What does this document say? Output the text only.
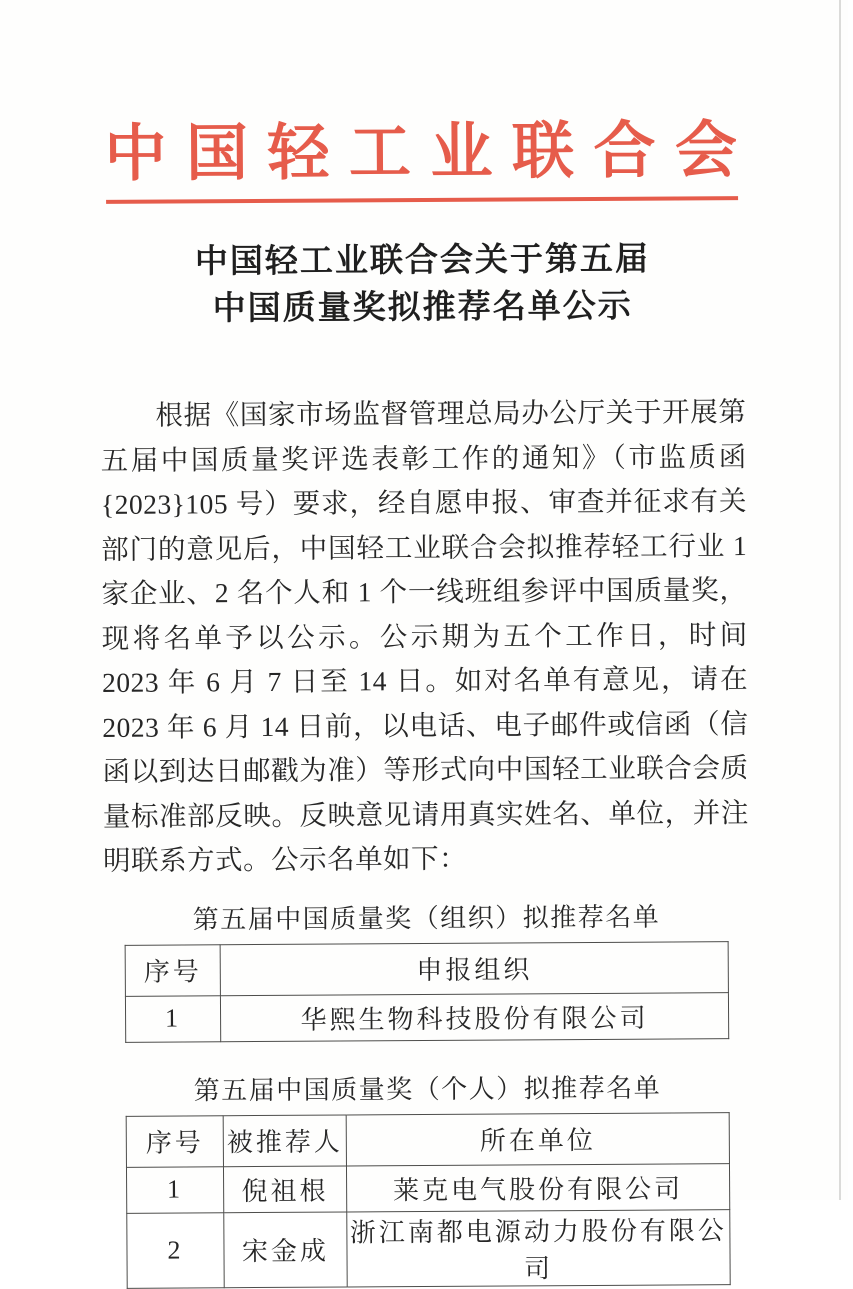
中 国 轻 工 业 联 合 会
中国轻工业联合会关于第五届
中国质量奖拟推荐名单公示

根据《国家市场监督管理总局办公厅关于开展第五届中国质量奖评选表彰工作的通知》（市监质函{2023}105 号）要求，经自愿申报、审查并征求有关部门的意见后，中国轻工业联合会拟推荐轻工行业 1 家企业、2 名个人和 1 个一线班组参评中国质量奖，现将名单予以公示。公示期为五个工作日，时间 2023 年 6 月 7 日至 14 日。如对名单有意见，请在 2023 年 6 月 14 日前，以电话、电子邮件或信函（信函以到达日邮戳为准）等形式向中国轻工业联合会质量标准部反映。反映意见请用真实姓名、单位，并注明联系方式。公示名单如下：

第五届中国质量奖（组织）拟推荐名单
序号	申报组织
1	华熙生物科技股份有限公司
第五届中国质量奖（个人）拟推荐名单
序号	被推荐人	所在单位
1	倪祖根	莱克电气股份有限公司
2	宋金成	浙江南都电源动力股份有限公司
